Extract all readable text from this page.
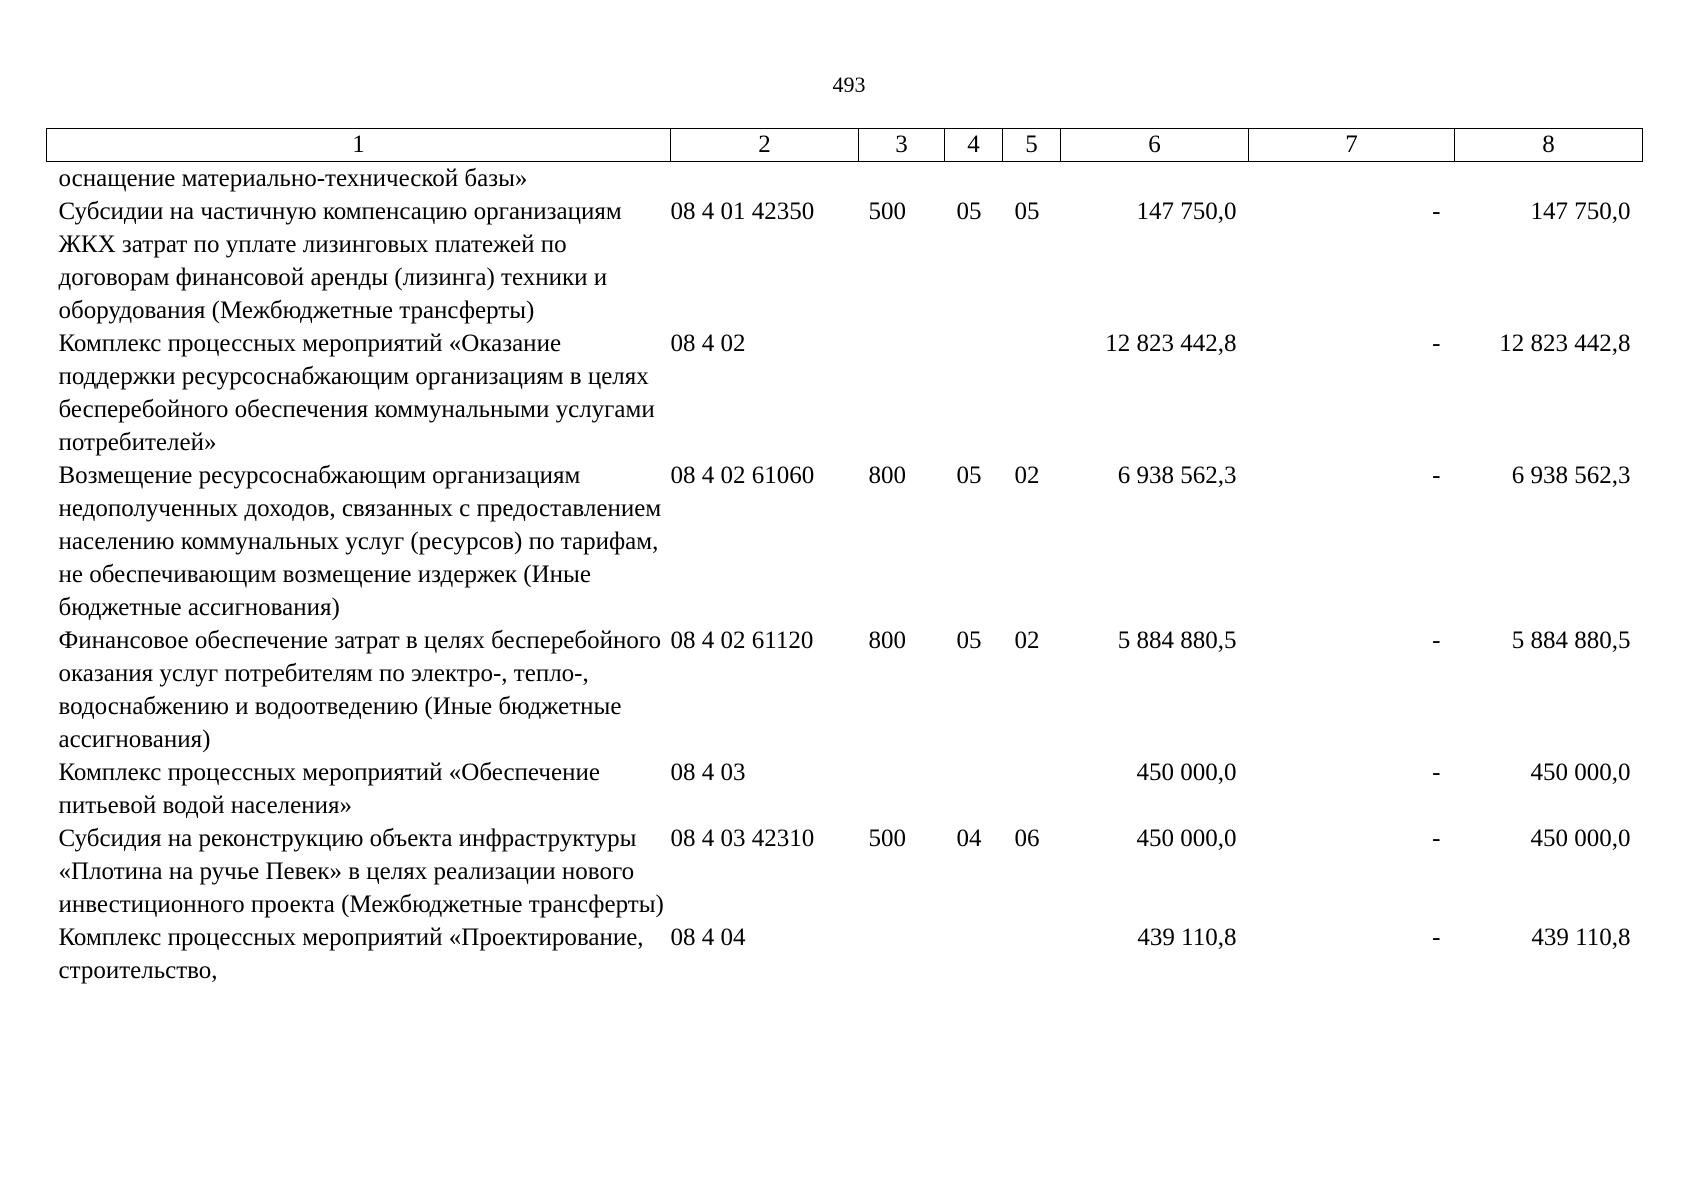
493
1	2	3	4	5	6	7	8
оснащение материально-технической базы»							
Субсидии на частичную компенсацию организациям ЖКХ затрат по уплате лизинговых платежей по договорам финансовой аренды (лизинга) техники и оборудования (Межбюджетные трансферты)	08 4 01 42350	500	05	05	147 750,0	-	147 750,0
Комплекс процессных мероприятий «Оказание поддержки ресурсоснабжающим организациям в целях бесперебойного обеспечения коммунальными услугами потребителей»	08 4 02				12 823 442,8	-	12 823 442,8
Возмещение ресурсоснабжающим организациям недополученных доходов, связанных с предоставлением населению коммунальных услуг (ресурсов) по тарифам, не обеспечивающим возмещение издержек (Иные бюджетные ассигнования)	08 4 02 61060	800	05	02	6 938 562,3	-	6 938 562,3
Финансовое обеспечение затрат в целях бесперебойного оказания услуг потребителям по электро-, тепло-, водоснабжению и водоотведению (Иные бюджетные ассигнования)	08 4 02 61120	800	05	02	5 884 880,5	-	5 884 880,5
Комплекс процессных мероприятий «Обеспечение питьевой водой населения»	08 4 03				450 000,0	-	450 000,0
Субсидия на реконструкцию объекта инфраструктуры «Плотина на ручье Певек» в целях реализации нового инвестиционного проекта (Межбюджетные трансферты)	08 4 03 42310	500	04	06	450 000,0	-	450 000,0
Комплекс процессных мероприятий «Проектирование, строительство,	08 4 04				439 110,8	-	439 110,8
